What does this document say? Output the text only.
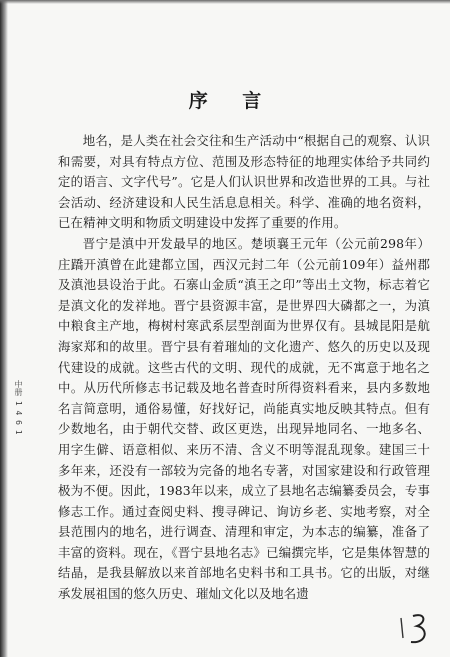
中册 1 4 6 1
序 言

地名，是人类在社会交往和生产活动中“根据自己的观察、认识和需要，对具有特点方位、范围及形态特征的地理实体给予共同约定的语言、文字代号”。它是人们认识世界和改造世界的工具。与社会活动、经济建设和人民生活息息相关。科学、准确的地名资料，已在精神文明和物质文明建设中发挥了重要的作用。

晋宁是滇中开发最早的地区。楚顷襄王元年（公元前298年）庄蹻开滇曾在此建都立国，西汉元封二年（公元前109年）益州郡及滇池县设治于此。石寨山金质“滇王之印”等出土文物，标志着它是滇文化的发祥地。晋宁县资源丰富，是世界四大磷都之一，为滇中粮食主产地，梅树村寒武系层型剖面为世界仅有。县城昆阳是航海家郑和的故里。晋宁县有着璀灿的文化遗产、悠久的历史以及现代建设的成就。这些古代的文明、现代的成就，无不寓意于地名之中。从历代所修志书记载及地名普查时所得资料看来，县内多数地名言简意明，通俗易懂，好找好记，尚能真实地反映其特点。但有少数地名，由于朝代交替、政区更迭，出现异地同名、一地多名、用字生僻、语意相似、来历不清、含义不明等混乱现象。建国三十多年来，还没有一部较为完备的地名专著，对国家建设和行政管理极为不便。因此，1983年以来，成立了县地名志编纂委员会，专事修志工作。通过查阅史料、搜寻碑记、询访乡老、实地考察，对全县范围内的地名，进行调查、清理和审定，为本志的编纂，准备了丰富的资料。现在，《晋宁县地名志》已编撰完毕，它是集体智慧的结晶，是我县解放以来首部地名史料书和工具书。它的出版，对继承发展祖国的悠久历史、璀灿文化以及地名遗
